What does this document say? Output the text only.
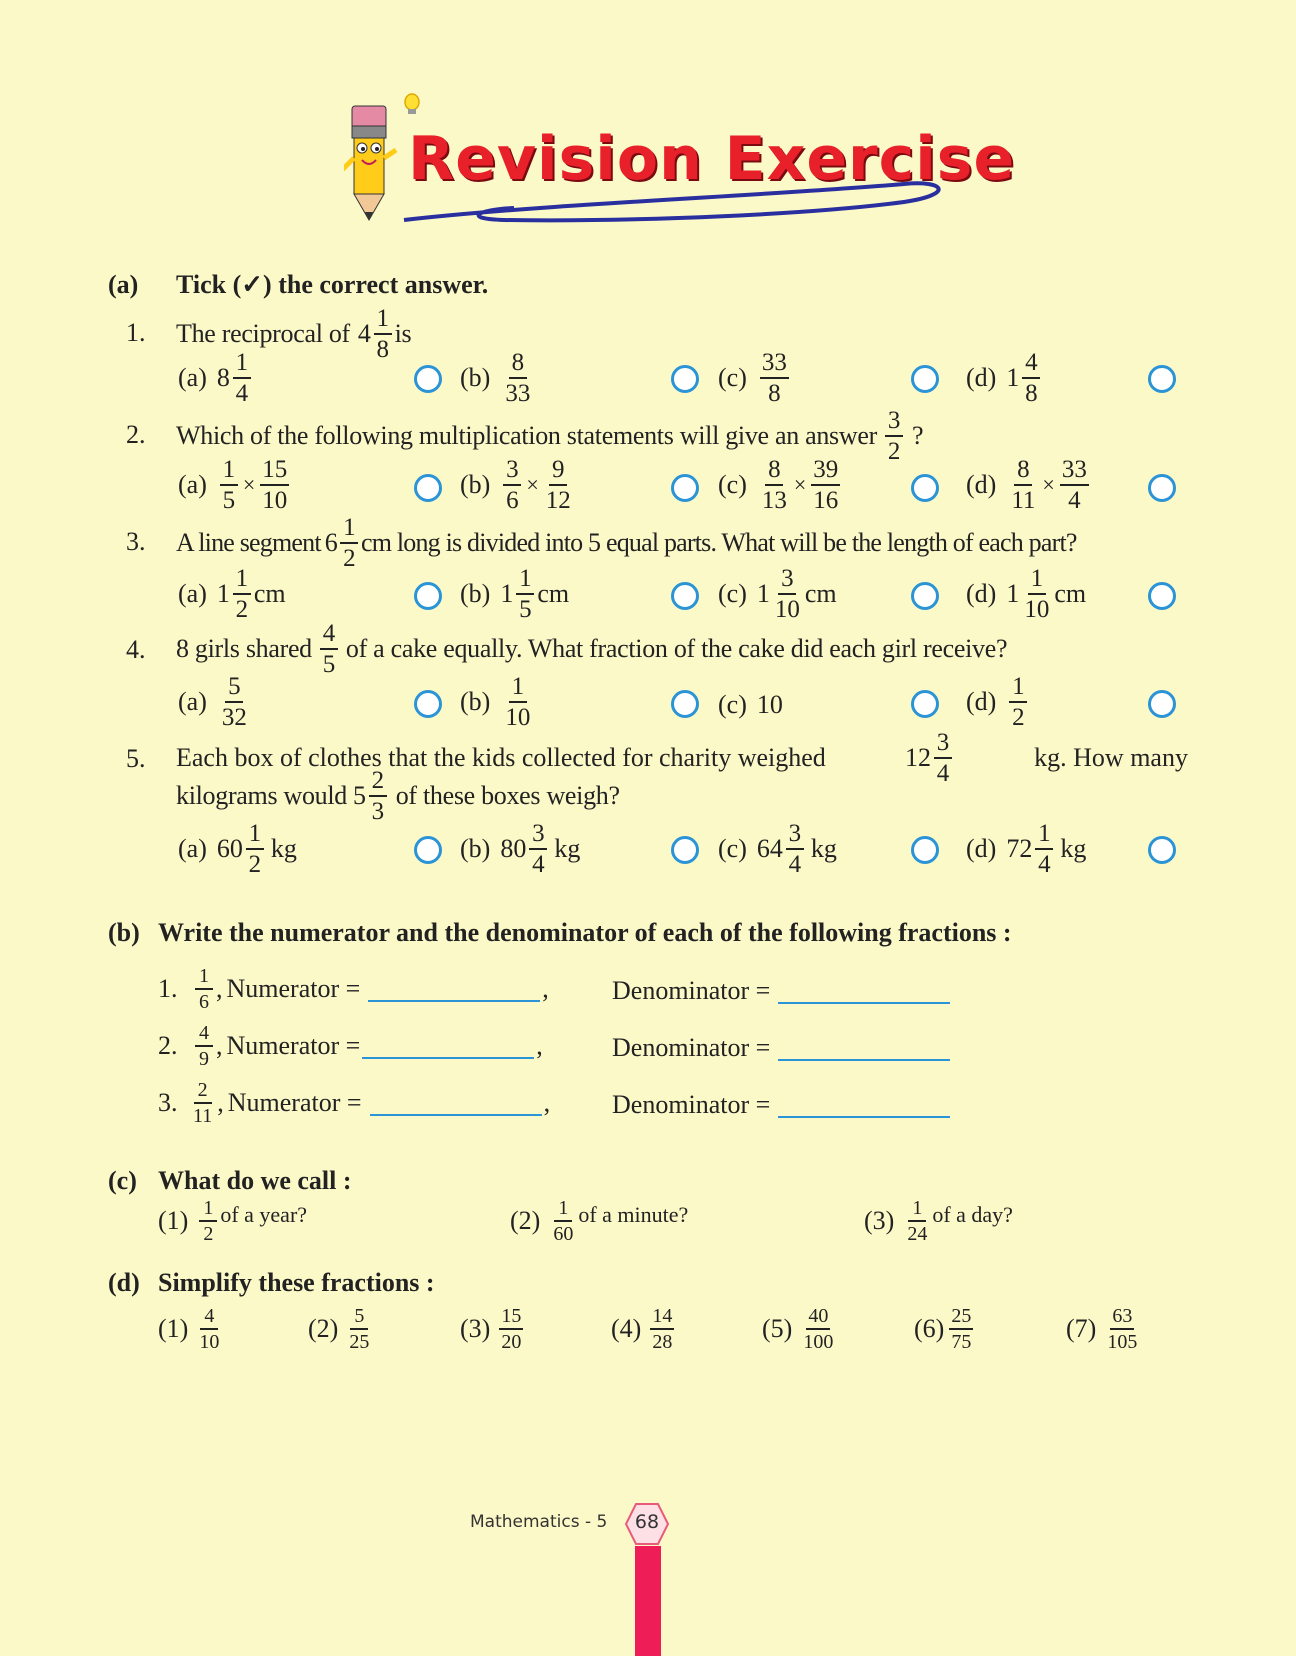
Revision Exercise
(a) Tick (✓) the correct answer.
1. The reciprocal of $4 \frac{1}{8}$ is
(a) $8 \frac{1}{4}$	$(b) \frac{8}{33}$	$(c) \frac{33}{8}$	(d) $1 \frac{4}{8}$
2. Which of the following multiplication statements will give an answer $\frac{3}{2}$ ?
$(a) \frac{1}{5} \times \frac{15}{10}$	$(b) \frac{3}{6} \times \frac{9}{12}$	$(c) \frac{8}{13} \times \frac{39}{16}$	$(d) \frac{8}{11} \times \frac{33}{4}$
3. A line segment $6 \frac{1}{2}$ cm long is divided into 5 equal parts. What will be the length of each part?
(a) $1 \frac{1}{2}$ cm	(b) $1 \frac{1}{5}$ cm	(c) $1 \frac{3}{10}$ cm	(d) $1 \frac{1}{10}$ cm
4. 8 girls shared $\frac{4}{5}$ of a cake equally. What fraction of the cake did each girl receive?
$(a) \frac{5}{32}$	$(b) \frac{1}{10}$	(c) 10	$(d) \frac{1}{2}$
5. Each box of clothes that the kids collected for charity weighed	$12 \frac{3}{4}$	kg. How many
kilograms would $5 \frac{2}{3}$ of these boxes weigh?
(a) $60 \frac{1}{2}$ kg	(b) $80 \frac{3}{4}$ kg	(c) $64 \frac{3}{4}$ kg	(d) $72 \frac{1}{4}$ kg
(b) Write the numerator and the denominator of each of the following fractions :
1. $\frac{1}{6}$ , Numerator =	, Denominator =
2. $\frac{4}{9}$ , Numerator =	,	Denominator =
3. $\frac{2}{11}$ , Numerator =	, Denominator =
(c) What do we call :
$(1) \frac{1}{2}$ of a year?	$(2) \frac{1}{60}$ of a minute?	$(3) \frac{1}{24}$ of a day?
(d) Simplify these fractions :
$(1) \frac{4}{10}$	$(2) \frac{5}{25}$	$(3) \frac{15}{20}$	$(4) \frac{14}{28}$	$(5) \frac{40}{100}$	$(6) \frac{25}{75}$	$(7) \frac{63}{105}$
Mathematics - 5	68
